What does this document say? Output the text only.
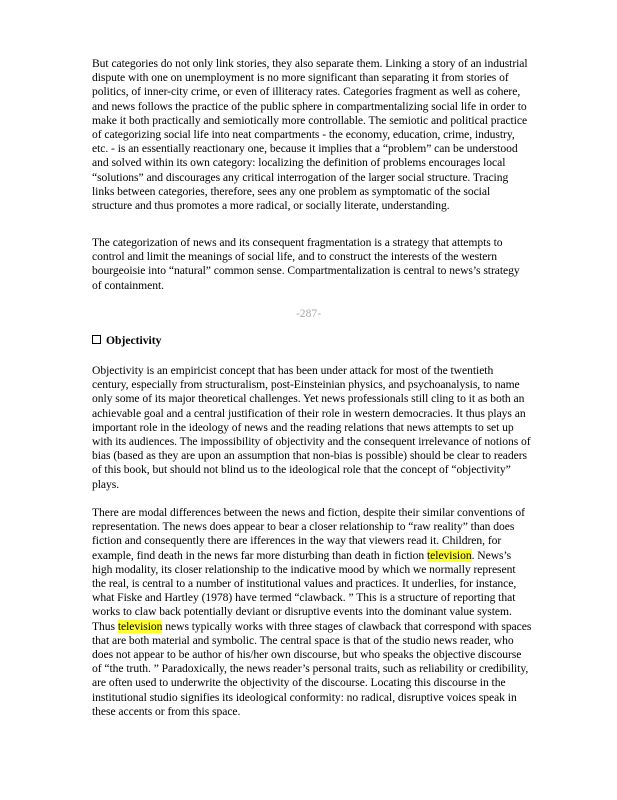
But categories do not only link stories, they also separate them. Linking a story of an industrial dispute with one on unemployment is no more significant than separating it from stories of politics, of inner-city crime, or even of illiteracy rates. Categories fragment as well as cohere, and news follows the practice of the public sphere in compartmentalizing social life in order to make it both practically and semiotically more controllable. The semiotic and political practice of categorizing social life into neat compartments - the economy, education, crime, industry, etc. - is an essentially reactionary one, because it implies that a “problem” can be understood and solved within its own category: localizing the definition of problems encourages local “solutions” and discourages any critical interrogation of the larger social structure. Tracing links between categories, therefore, sees any one problem as symptomatic of the social structure and thus promotes a more radical, or socially literate, understanding.

The categorization of news and its consequent fragmentation is a strategy that attempts to control and limit the meanings of social life, and to construct the interests of the western bourgeoisie into “natural” common sense. Compartmentalization is central to news’s strategy of containment.

-287-
Objectivity

Objectivity is an empiricist concept that has been under attack for most of the twentieth century, especially from structuralism, post-Einsteinian physics, and psychoanalysis, to name only some of its major theoretical challenges. Yet news professionals still cling to it as both an achievable goal and a central justification of their role in western democracies. It thus plays an important role in the ideology of news and the reading relations that news attempts to set up with its audiences. The impossibility of objectivity and the consequent irrelevance of notions of bias (based as they are upon an assumption that non-bias is possible) should be clear to readers of this book, but should not blind us to the ideological role that the concept of “objectivity” plays.

There are modal differences between the news and fiction, despite their similar conventions of representation. The news does appear to bear a closer relationship to “raw reality” than does fiction and consequently there are ifferences in the way that viewers read it. Children, for example, find death in the news far more disturbing than death in fiction television. News’s high modality, its closer relationship to the indicative mood by which we normally represent the real, is central to a number of institutional values and practices. It underlies, for instance, what Fiske and Hartley (1978) have termed “clawback. ” This is a structure of reporting that works to claw back potentially deviant or disruptive events into the dominant value system. Thus television news typically works with three stages of clawback that correspond with spaces that are both material and symbolic. The central space is that of the studio news reader, who does not appear to be author of his/her own discourse, but who speaks the objective discourse of “the truth. ” Paradoxically, the news reader’s personal traits, such as reliability or credibility, are often used to underwrite the objectivity of the discourse. Locating this discourse in the institutional studio signifies its ideological conformity: no radical, disruptive voices speak in these accents or from this space.
